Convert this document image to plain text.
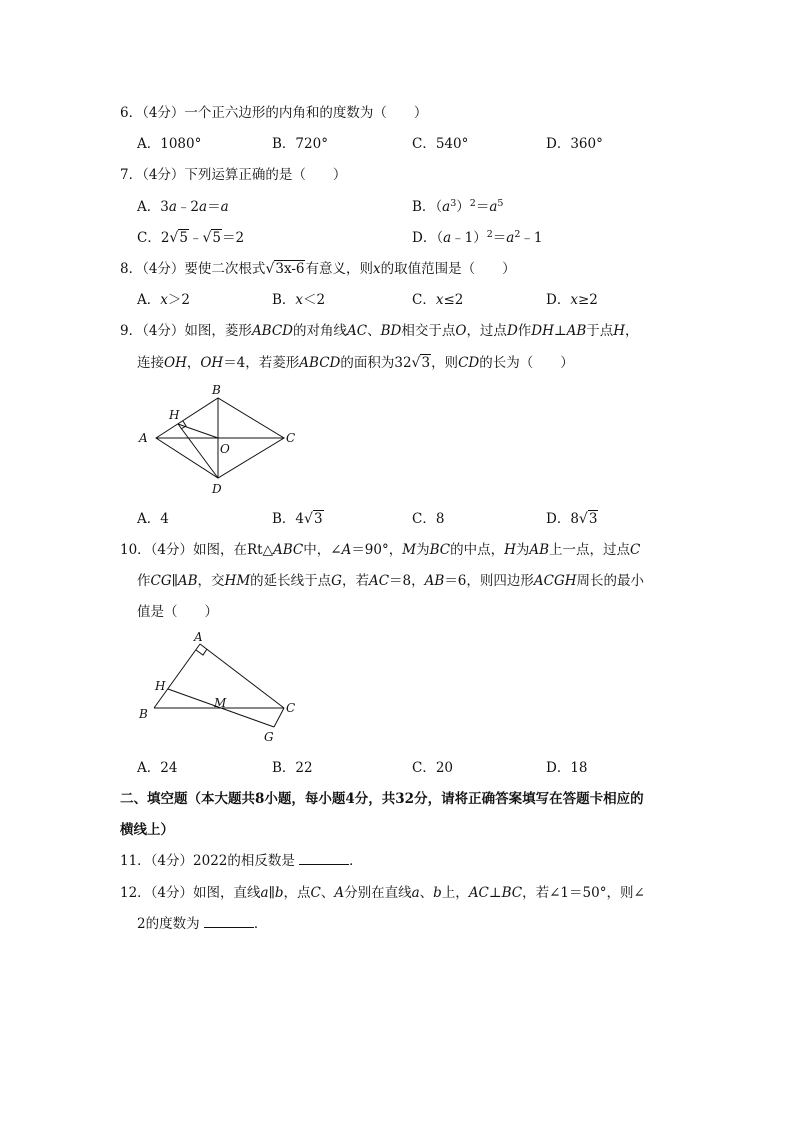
6．（4分）一个正六边形的内角和的度数为（　　）
A．1080°	B．720°	C．540°	D．360°
7．（4分）下列运算正确的是（　　）
A．3a﹣2a＝a	B．$(a^3)^2=a^5$
C．2√5﹣√5＝2	D．$(a﹣1)^2=a^2﹣1$
8．（4分）要使二次根式√3x-6有意义，则x的取值范围是（　　）
A．x＞2	B．x＜2	C．x≤2	D．x≥2
9．（4分）如图，菱形ABCD的对角线AC、BD相交于点O，过点D作DH⊥AB于点H，
连接OH，OH＝4，若菱形ABCD的面积为32√3，则CD的长为（　　）
A
B
C
D
H
O
A．4	B．4√3	C．8	D．8√3
10．（4分）如图，在Rt△ABC中，∠A＝90°，M为BC的中点，H为AB上一点，过点C
作CG∥AB，交HM的延长线于点G，若AC＝8，AB＝6，则四边形ACGH周长的最小
值是（　　）
A
B	C
G
H
M
A．24	B．22	C．20	D．18
二、填空题（本大题共8小题，每小题4分，共32分，请将正确答案填写在答题卡相应的
横线上）
11．（4分）2022的相反数是	．
12．（4分）如图，直线a∥b，点C、A分别在直线a、b上，AC⊥BC，若∠1＝50°，则∠
2的度数为	．
